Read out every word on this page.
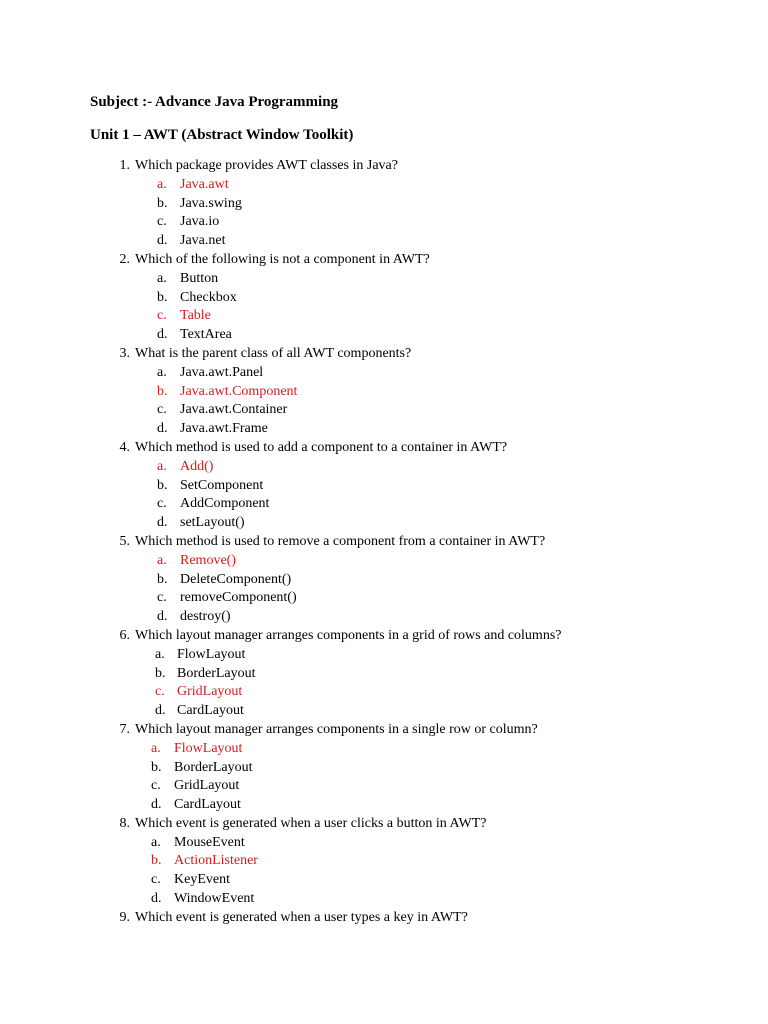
Subject :- Advance Java Programming
Unit 1 – AWT (Abstract Window Toolkit)
1. Which package provides AWT classes in Java?
a. Java.awt
b. Java.swing
c. Java.io
d. Java.net
2. Which of the following is not a component in AWT?
a. Button
b. Checkbox
c. Table
d. TextArea
3. What is the parent class of all AWT components?
a. Java.awt.Panel
b. Java.awt.Component
c. Java.awt.Container
d. Java.awt.Frame
4. Which method is used to add a component to a container in AWT?
a. Add()
b. SetComponent
c. AddComponent
d. setLayout()
5. Which method is used to remove a component from a container in AWT?
a. Remove()
b. DeleteComponent()
c. removeComponent()
d. destroy()
6. Which layout manager arranges components in a grid of rows and columns?
a. FlowLayout
b. BorderLayout
c. GridLayout
d. CardLayout
7. Which layout manager arranges components in a single row or column?
a. FlowLayout
b. BorderLayout
c. GridLayout
d. CardLayout
8. Which event is generated when a user clicks a button in AWT?
a. MouseEvent
b. ActionListener
c. KeyEvent
d. WindowEvent
9. Which event is generated when a user types a key in AWT?
